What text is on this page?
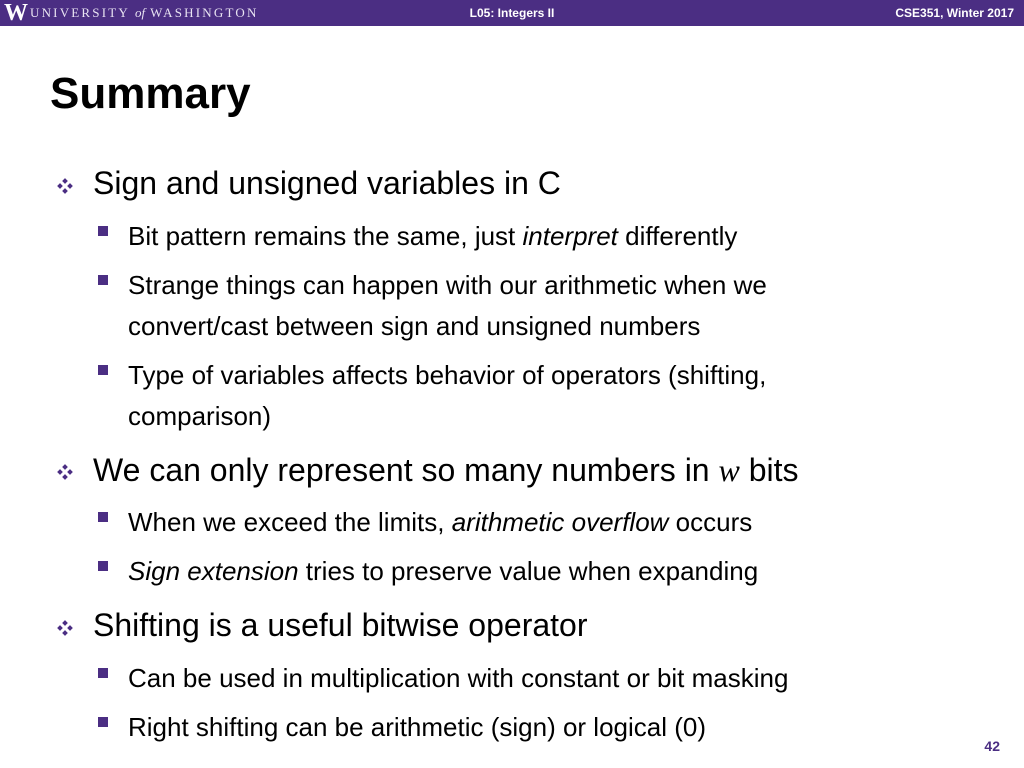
W UNIVERSITY of WASHINGTON	L05: Integers II	CSE351, Winter 2017
Summary
Sign and unsigned variables in C
Bit pattern remains the same, just interpret differently
Strange things can happen with our arithmetic when we
convert/cast between sign and unsigned numbers
Type of variables affects behavior of operators (shifting,
comparison)
We can only represent so many numbers in w bits
When we exceed the limits, arithmetic overflow occurs
Sign extension tries to preserve value when expanding
Shifting is a useful bitwise operator
Can be used in multiplication with constant or bit masking
Right shifting can be arithmetic (sign) or logical (0)
42
